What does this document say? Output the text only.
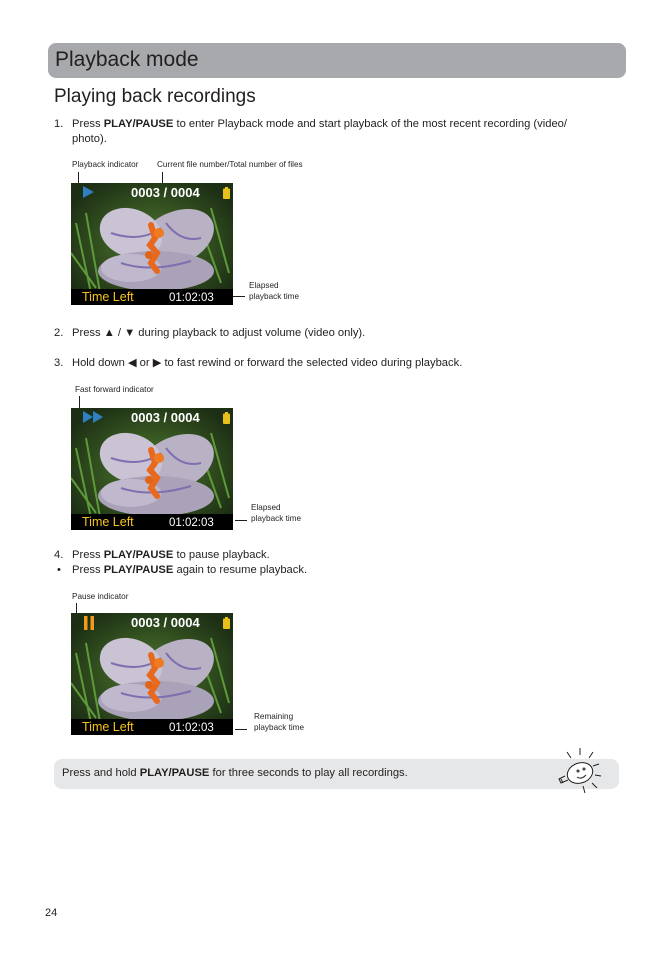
Playback mode
Playing back recordings
1. Press PLAY/PAUSE to enter Playback mode and start playback of the most recent recording (video/
photo).
Playback indicator Current file number/Total number of files
0003 / 0004
Time Left	01:02:03
Elapsed
playback time
2. Press ▲ / ▼ during playback to adjust volume (video only).
3. Hold down ◀ or ▶ to fast rewind or forward the selected video during playback.
Fast forward indicator
0003 / 0004
Time Left	01:02:03
Elapsed
playback time
4. Press PLAY/PAUSE to pause playback.
• Press PLAY/PAUSE again to resume playback.
Pause indicator
0003 / 0004
Time Left	01:02:03
Remaining
playback time
Press and hold PLAY/PAUSE for three seconds to play all recordings.
24
